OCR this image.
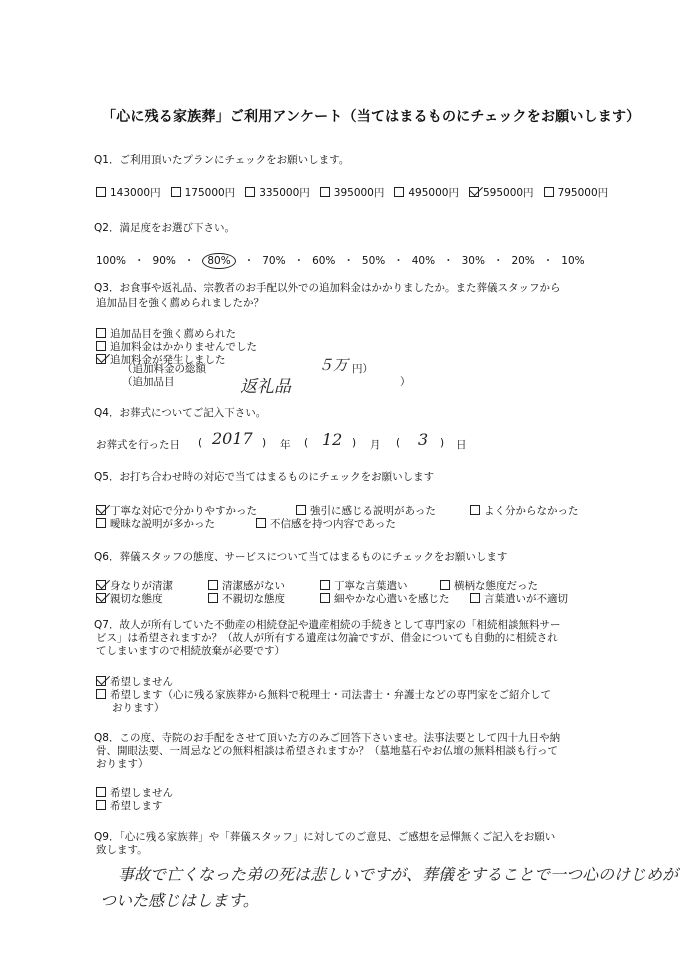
「心に残る家族葬」ご利用アンケート（当てはまるものにチェックをお願いします）
Q1．ご利用頂いたプランにチェックをお願いします。
143000円 175000円 335000円 395000円 495000円 595000円 795000円
Q2．満足度をお選び下さい。
100% ・ 90% ・ 80% ・ 70% ・ 60% ・ 50% ・ 40% ・ 30% ・ 20% ・ 10%
Q3．お食事や返礼品、宗教者のお手配以外での追加料金はかかりましたか。また葬儀スタッフから
追加品目を強く薦められましたか？
追加品目を強く薦められた
追加料金はかかりませんでした
追加料金が発生しました
（追加料金の総額	５万 円）
（追加品目	返礼品	）
Q4．お葬式についてご記入下さい。
お葬式を行った日 ( 2017 ) 年 ( 12 ) 月 ( 3 ) 日
Q5．お打ち合わせ時の対応で当てはまるものにチェックをお願いします
丁寧な対応で分かりやすかった	強引に感じる説明があった	よく分からなかった
曖昧な説明が多かった	不信感を持つ内容であった
Q6．葬儀スタッフの態度、サービスについて当てはまるものにチェックをお願いします
身なりが清潔	清潔感がない	丁寧な言葉遣い	横柄な態度だった
親切な態度	不親切な態度	細やかな心遣いを感じた	言葉遣いが不適切
Q7．故人が所有していた不動産の相続登記や遺産相続の手続きとして専門家の「相続相談無料サー
ビス」は希望されますか？（故人が所有する遺産は勿論ですが、借金についても自動的に相続され
てしまいますので相続放棄が必要です）
希望しません
希望します（心に残る家族葬から無料で税理士・司法書士・弁護士などの専門家をご紹介して
おります）
Q8．この度、寺院のお手配をさせて頂いた方のみご回答下さいませ。法事法要として四十九日や納
骨、開眼法要、一周忌などの無料相談は希望されますか？（墓地墓石やお仏壇の無料相談も行って
おります）
希望しません
希望します
Q9．「心に残る家族葬」や「葬儀スタッフ」に対してのご意見、ご感想を忌憚無くご記入をお願い
致します。
事故で亡くなった弟の死は悲しいですが、葬儀をすることで一つ心のけじめが
ついた感じはします。
